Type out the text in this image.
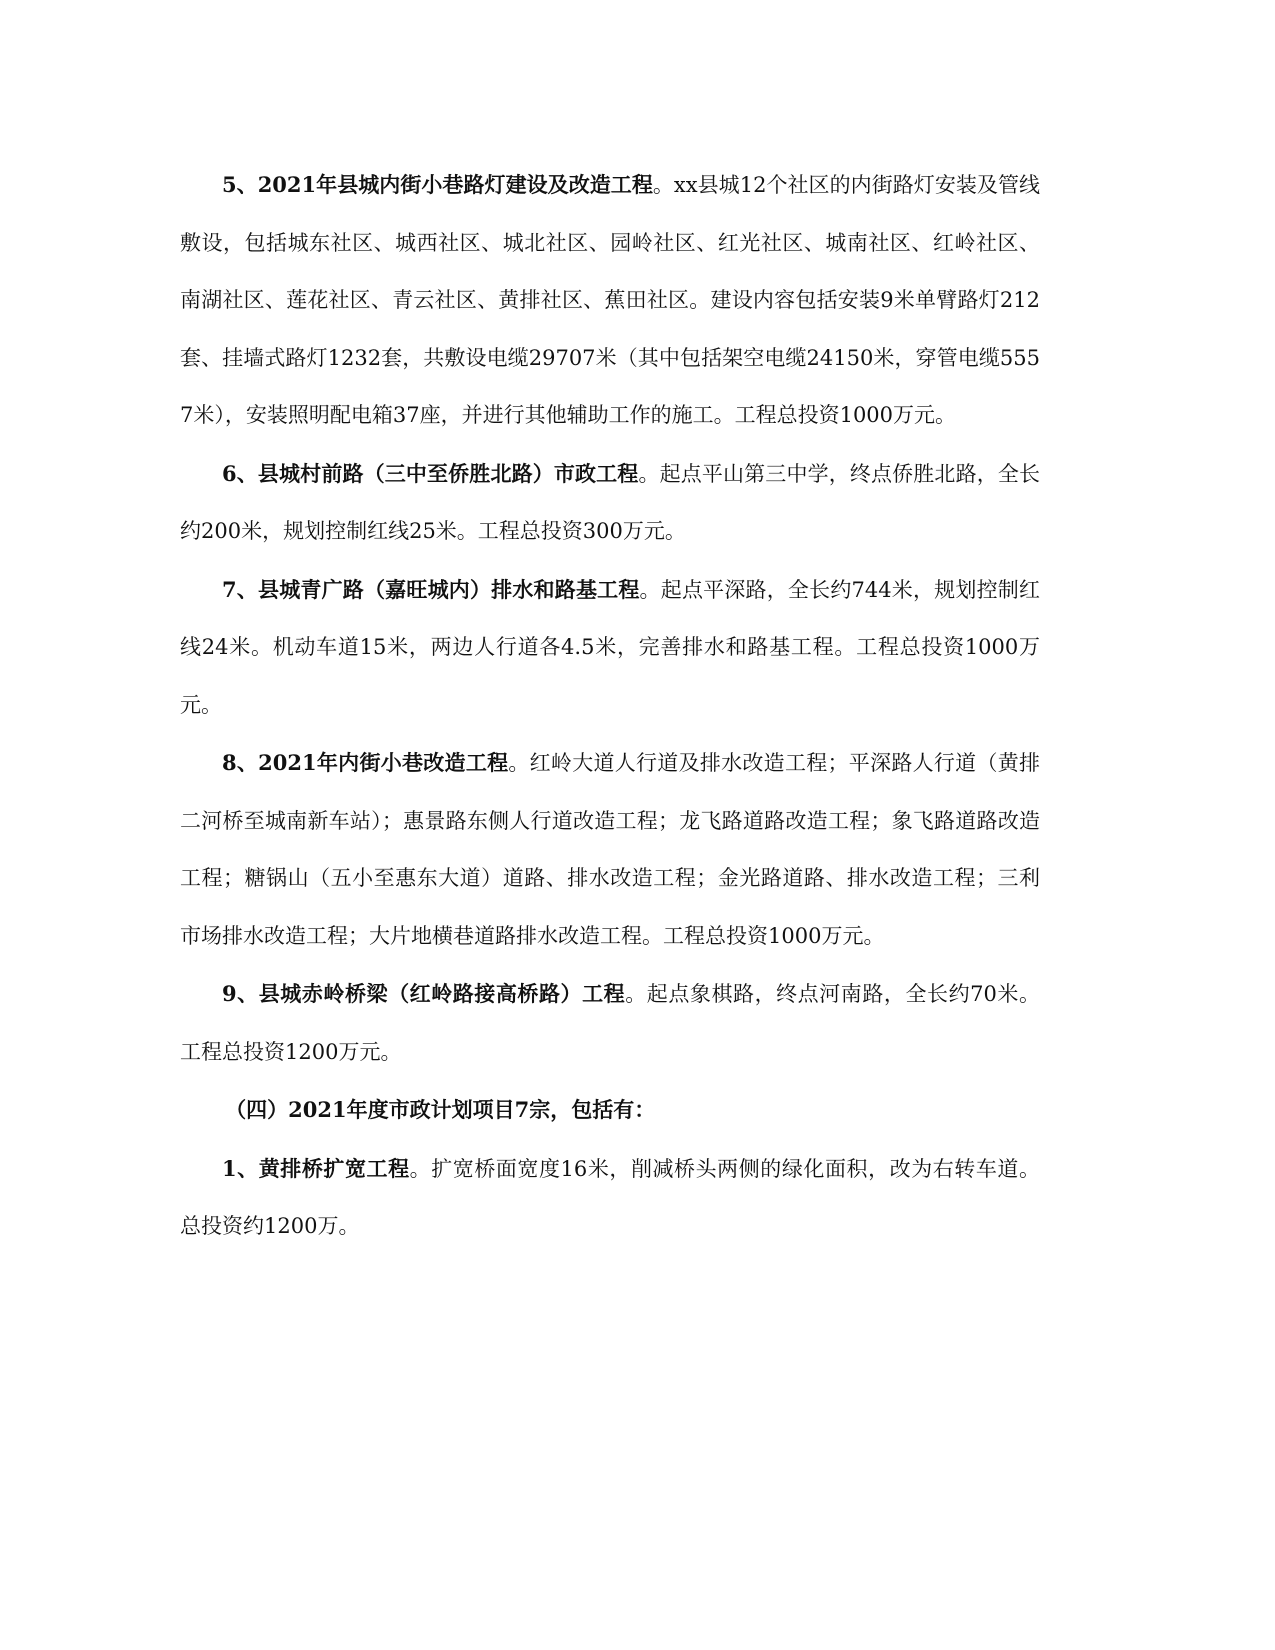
5、2021年县城内街小巷路灯建设及改造工程。xx县城12个社区的内街路灯安装及管线敷设，包括城东社区、城西社区、城北社区、园岭社区、红光社区、城南社区、红岭社区、南湖社区、莲花社区、青云社区、黄排社区、蕉田社区。建设内容包括安装9米单臂路灯212套、挂墙式路灯1232套，共敷设电缆29707米（其中包括架空电缆24150米，穿管电缆5557米），安装照明配电箱37座，并进行其他辅助工作的施工。工程总投资1000万元。

6、县城村前路（三中至侨胜北路）市政工程。起点平山第三中学，终点侨胜北路，全长约200米，规划控制红线25米。工程总投资300万元。

7、县城青广路（嘉旺城内）排水和路基工程。起点平深路，全长约744米，规划控制红线24米。机动车道15米，两边人行道各4.5米，完善排水和路基工程。工程总投资1000万元。

8、2021年内街小巷改造工程。红岭大道人行道及排水改造工程；平深路人行道（黄排二河桥至城南新车站）；惠景路东侧人行道改造工程；龙飞路道路改造工程；象飞路道路改造工程；糖锅山（五小至惠东大道）道路、排水改造工程；金光路道路、排水改造工程；三利市场排水改造工程；大片地横巷道路排水改造工程。工程总投资1000万元。

9、县城赤岭桥梁（红岭路接高桥路）工程。起点象棋路，终点河南路，全长约70米。工程总投资1200万元。

（四）2021年度市政计划项目7宗，包括有：

1、黄排桥扩宽工程。扩宽桥面宽度16米，削减桥头两侧的绿化面积，改为右转车道。总投资约1200万。
